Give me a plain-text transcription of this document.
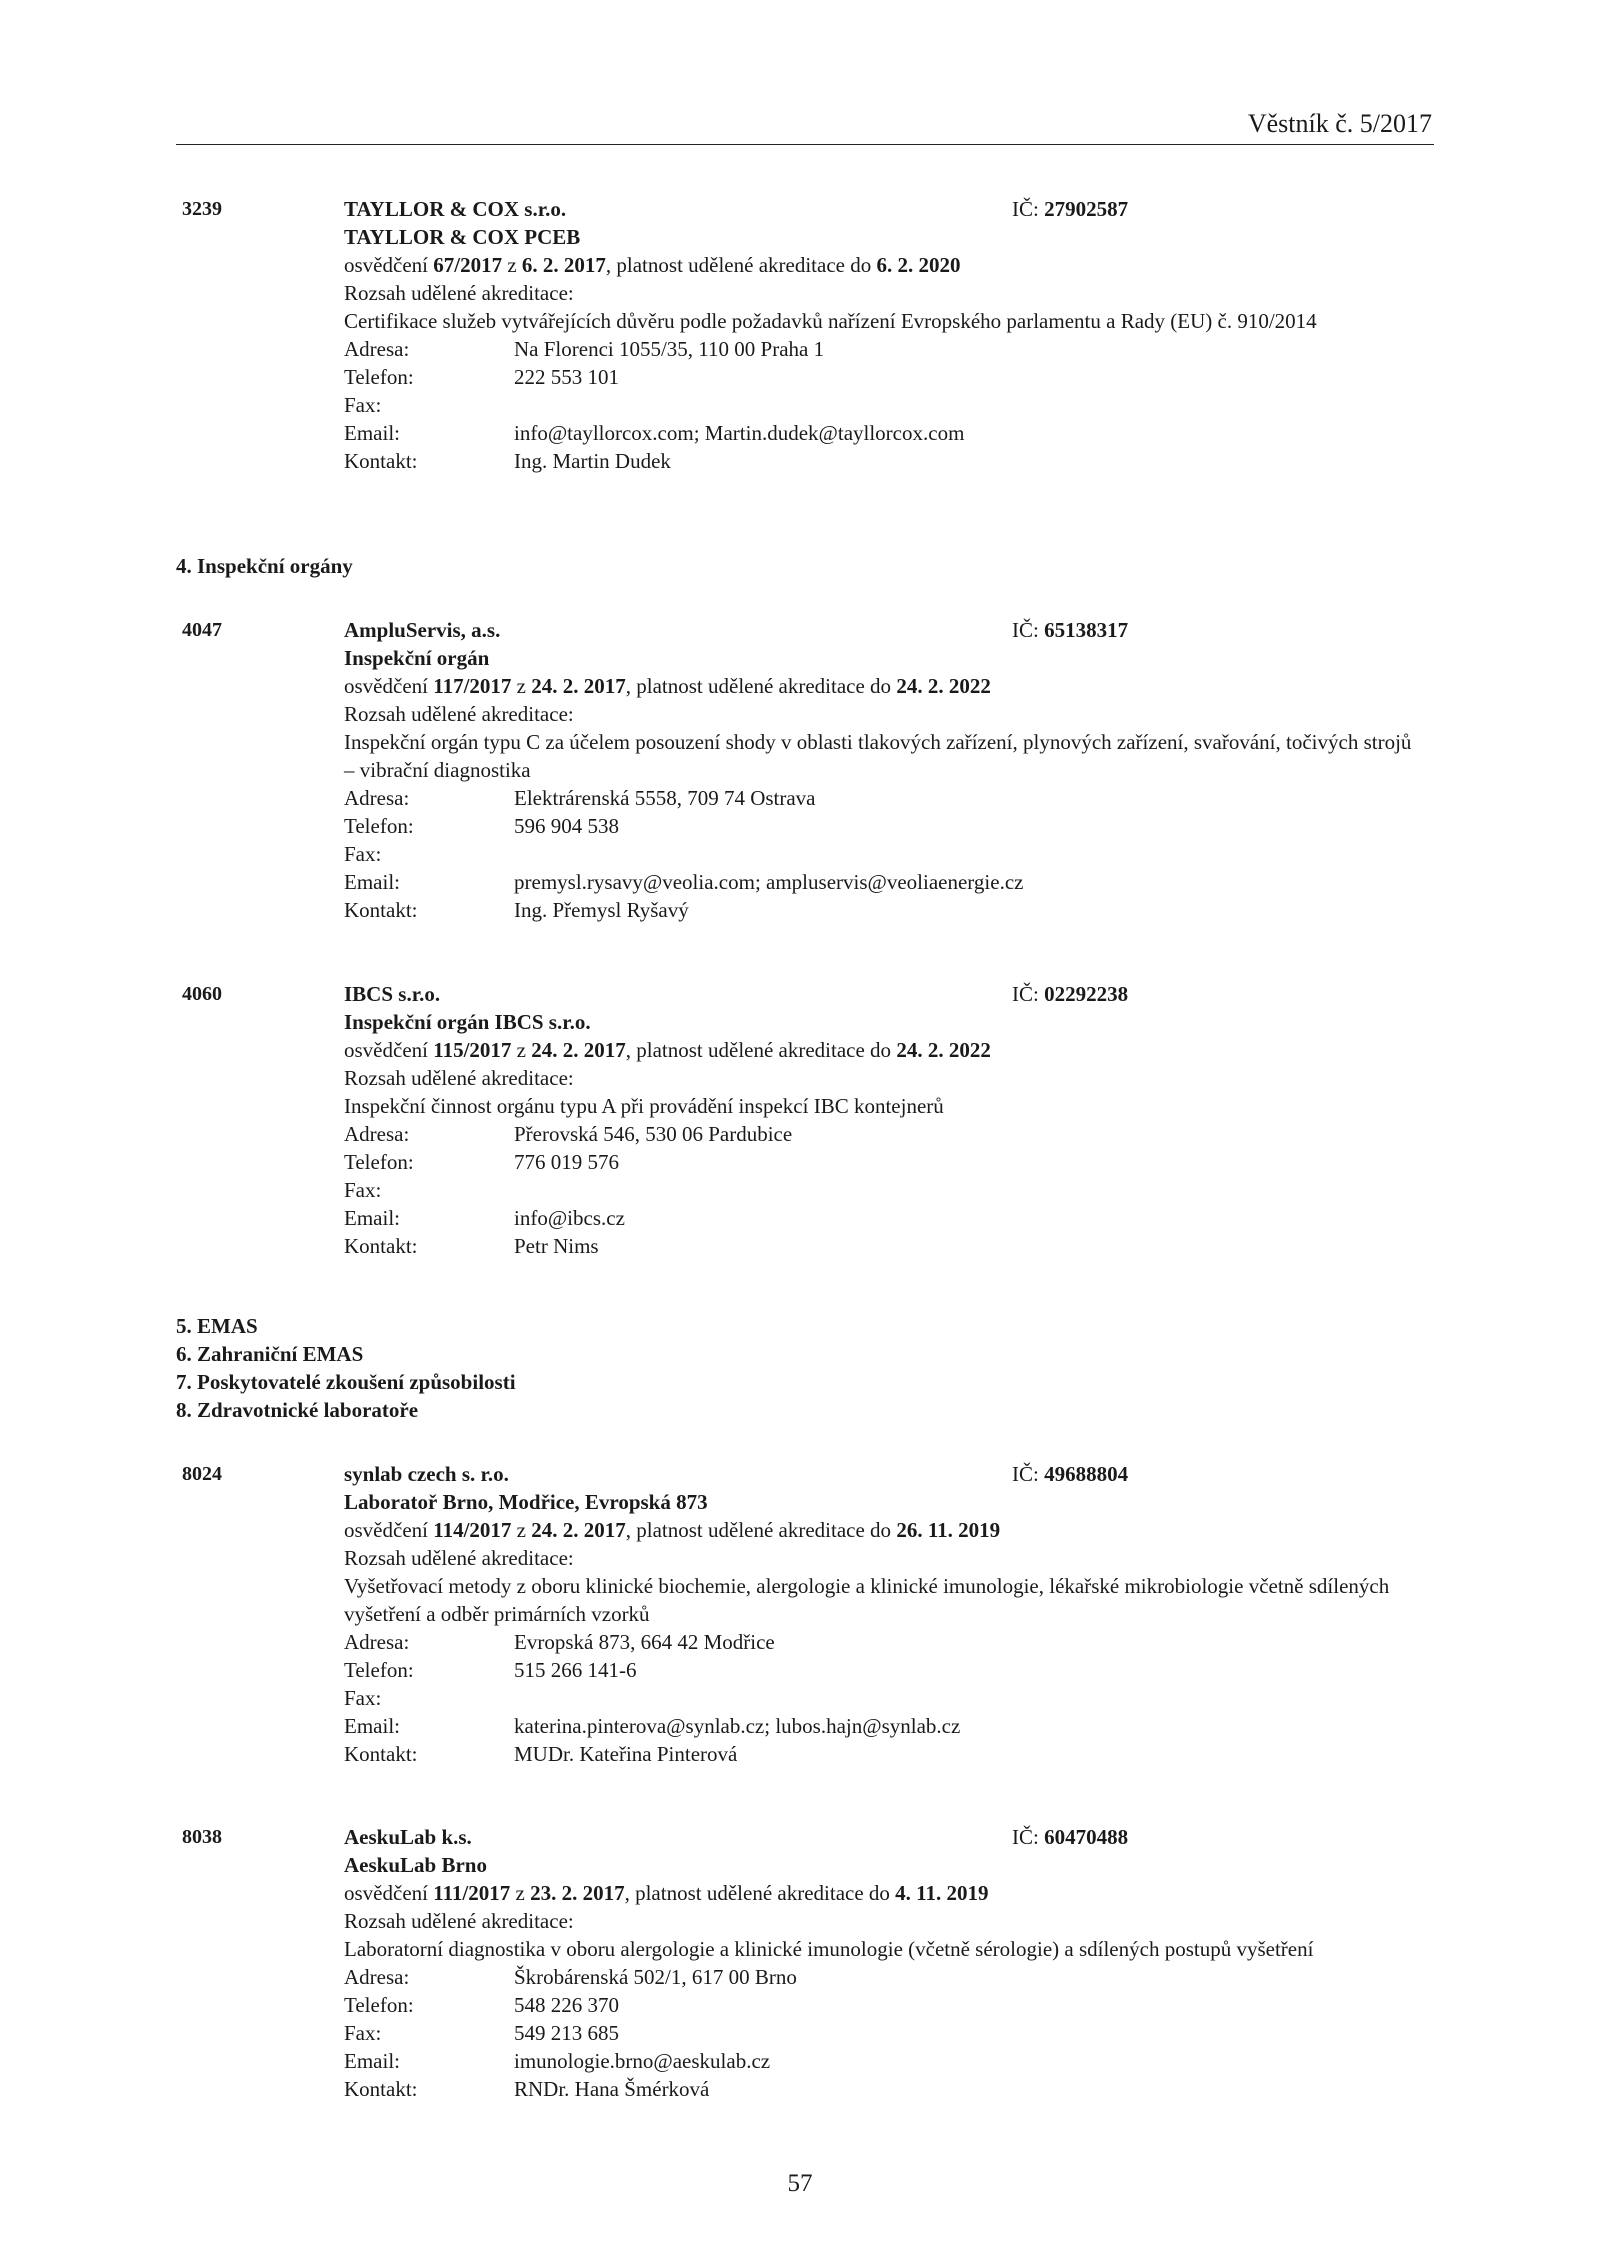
Věstník č. 5/2017
3239	TAYLLOR & COX s.r.o.	IČ: 27902587
TAYLLOR & COX PCEB
osvědčení 67/2017 z 6. 2. 2017, platnost udělené akreditace do 6. 2. 2020
Rozsah udělené akreditace:
Certifikace služeb vytvářejících důvěru podle požadavků nařízení Evropského parlamentu a Rady (EU) č. 910/2014
Adresa:	Na Florenci 1055/35, 110 00 Praha 1
Telefon:	222 553 101
Fax:
Email:	info@tayllorcox.com; Martin.dudek@tayllorcox.com
Kontakt:	Ing. Martin Dudek
4. Inspekční orgány
4047	AmpluServis, a.s.	IČ: 65138317
Inspekční orgán
osvědčení 117/2017 z 24. 2. 2017, platnost udělené akreditace do 24. 2. 2022
Rozsah udělené akreditace:
Inspekční orgán typu C za účelem posouzení shody v oblasti tlakových zařízení, plynových zařízení, svařování, točivých strojů – vibrační diagnostika
Adresa:	Elektrárenská 5558, 709 74 Ostrava
Telefon:	596 904 538
Fax:
Email:	premysl.rysavy@veolia.com; ampluservis@veoliaenergie.cz
Kontakt:	Ing. Přemysl Ryšavý
4060	IBCS s.r.o.	IČ: 02292238
Inspekční orgán IBCS s.r.o.
osvědčení 115/2017 z 24. 2. 2017, platnost udělené akreditace do 24. 2. 2022
Rozsah udělené akreditace:
Inspekční činnost orgánu typu A při provádění inspekcí IBC kontejnerů
Adresa:	Přerovská 546, 530 06 Pardubice
Telefon:	776 019 576
Fax:
Email:	info@ibcs.cz
Kontakt:	Petr Nims
5. EMAS
6. Zahraniční EMAS
7. Poskytovatelé zkoušení způsobilosti
8. Zdravotnické laboratoře
8024	synlab czech s. r.o.	IČ: 49688804
Laboratoř Brno, Modřice, Evropská 873
osvědčení 114/2017 z 24. 2. 2017, platnost udělené akreditace do 26. 11. 2019
Rozsah udělené akreditace:
Vyšetřovací metody z oboru klinické biochemie, alergologie a klinické imunologie, lékařské mikrobiologie včetně sdílených vyšetření a odběr primárních vzorků
Adresa:	Evropská 873, 664 42 Modřice
Telefon:	515 266 141-6
Fax:
Email:	katerina.pinterova@synlab.cz; lubos.hajn@synlab.cz
Kontakt:	MUDr. Kateřina Pinterová
8038	AeskuLab k.s.	IČ: 60470488
AeskuLab Brno
osvědčení 111/2017 z 23. 2. 2017, platnost udělené akreditace do 4. 11. 2019
Rozsah udělené akreditace:
Laboratorní diagnostika v oboru alergologie a klinické imunologie (včetně sérologie) a sdílených postupů vyšetření
Adresa:	Škrobárenská 502/1, 617 00 Brno
Telefon:	548 226 370
Fax:	549 213 685
Email:	imunologie.brno@aeskulab.cz
Kontakt:	RNDr. Hana Šmérková
57
